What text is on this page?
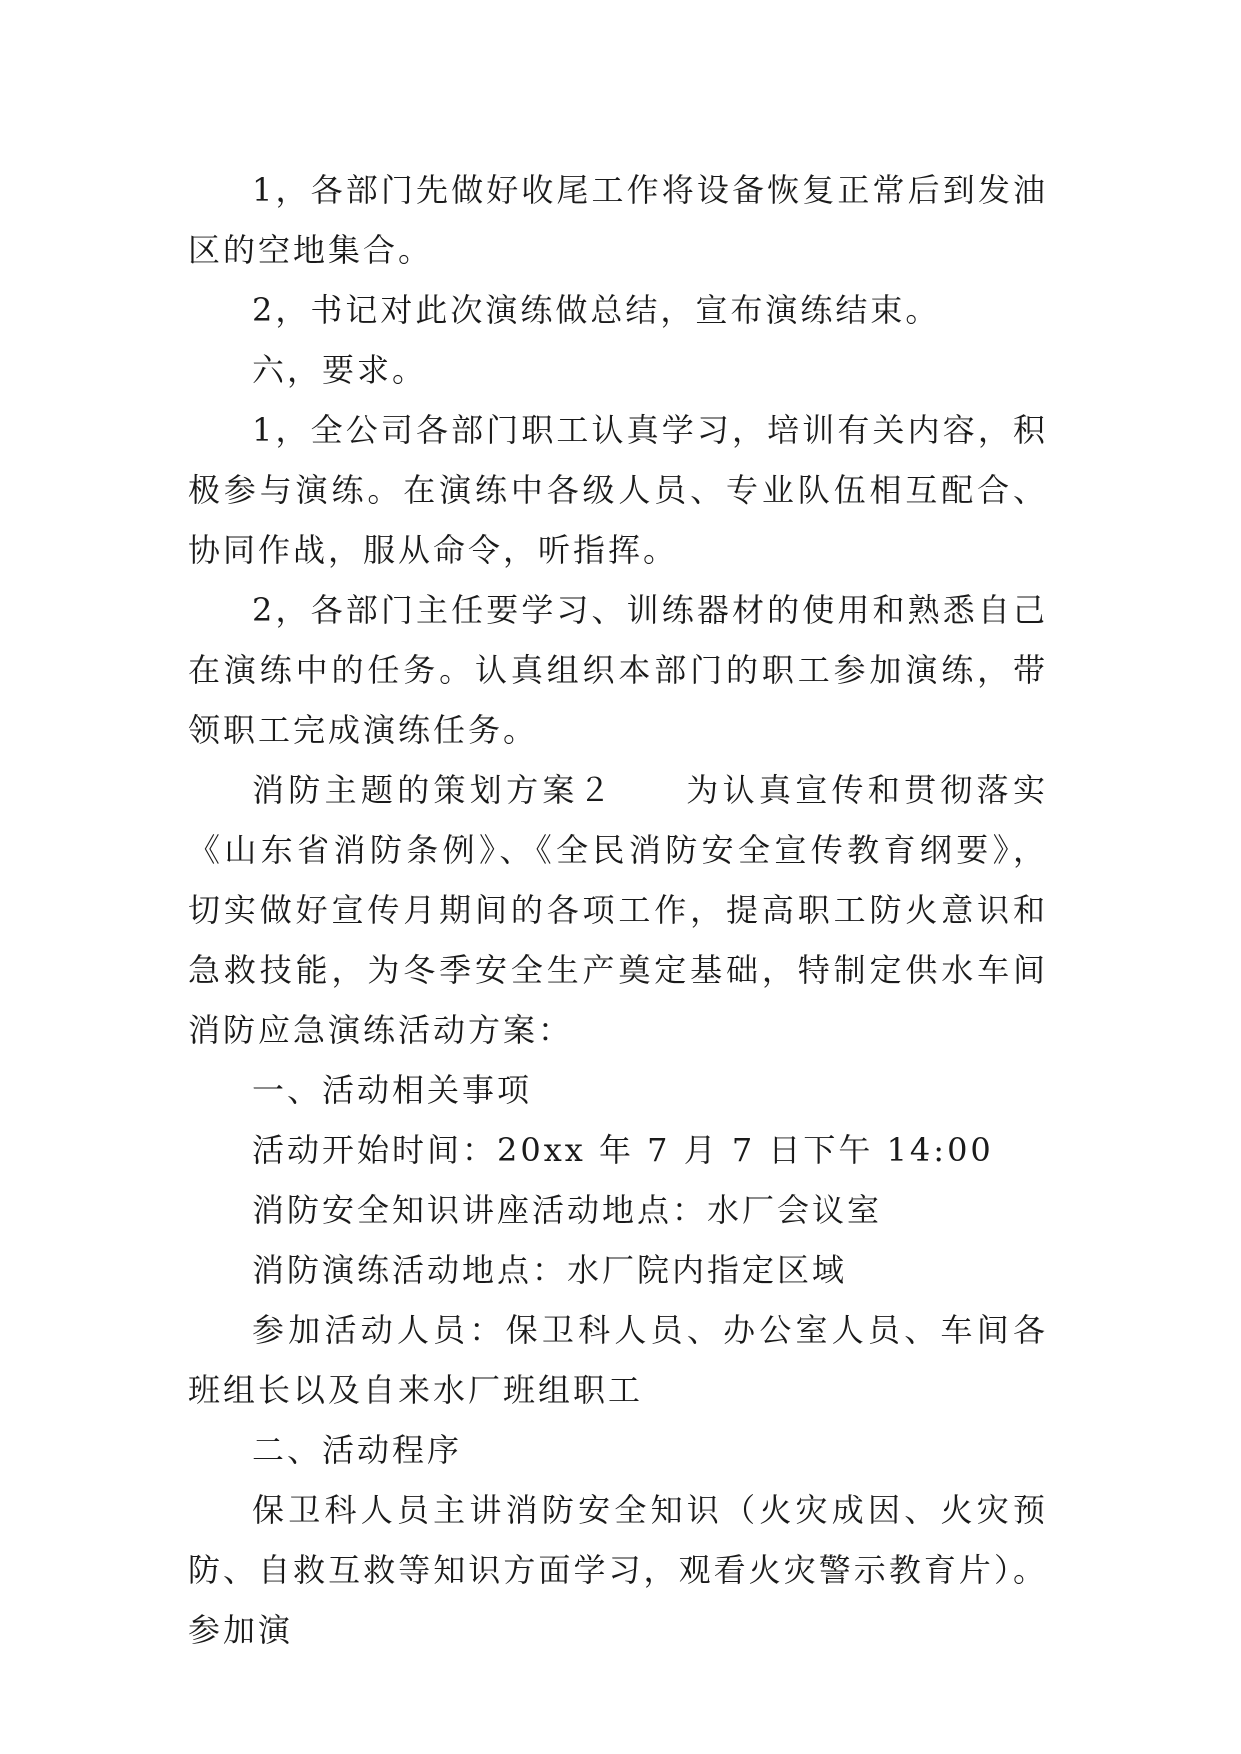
1，各部门先做好收尾工作将设备恢复正常后到发油区的空地集合。

2，书记对此次演练做总结，宣布演练结束。

六，要求。

1，全公司各部门职工认真学习，培训有关内容，积极参与演练。在演练中各级人员、专业队伍相互配合、协同作战，服从命令，听指挥。

2，各部门主任要学习、训练器材的使用和熟悉自己在演练中的任务。认真组织本部门的职工参加演练，带领职工完成演练任务。

消防主题的策划方案２ 为认真宣传和贯彻落实《山东省消防条例》、《全民消防安全宣传教育纲要》，切实做好宣传月期间的各项工作，提高职工防火意识和急救技能，为冬季安全生产奠定基础，特制定供水车间消防应急演练活动方案：

一、活动相关事项

活动开始时间：20xx 年 7 月 7 日下午 14:00

消防安全知识讲座活动地点：水厂会议室

消防演练活动地点：水厂院内指定区域

参加活动人员：保卫科人员、办公室人员、车间各班组长以及自来水厂班组职工

二、活动程序

保卫科人员主讲消防安全知识（火灾成因、火灾预防、自救互救等知识方面学习，观看火灾警示教育片）。参加演
